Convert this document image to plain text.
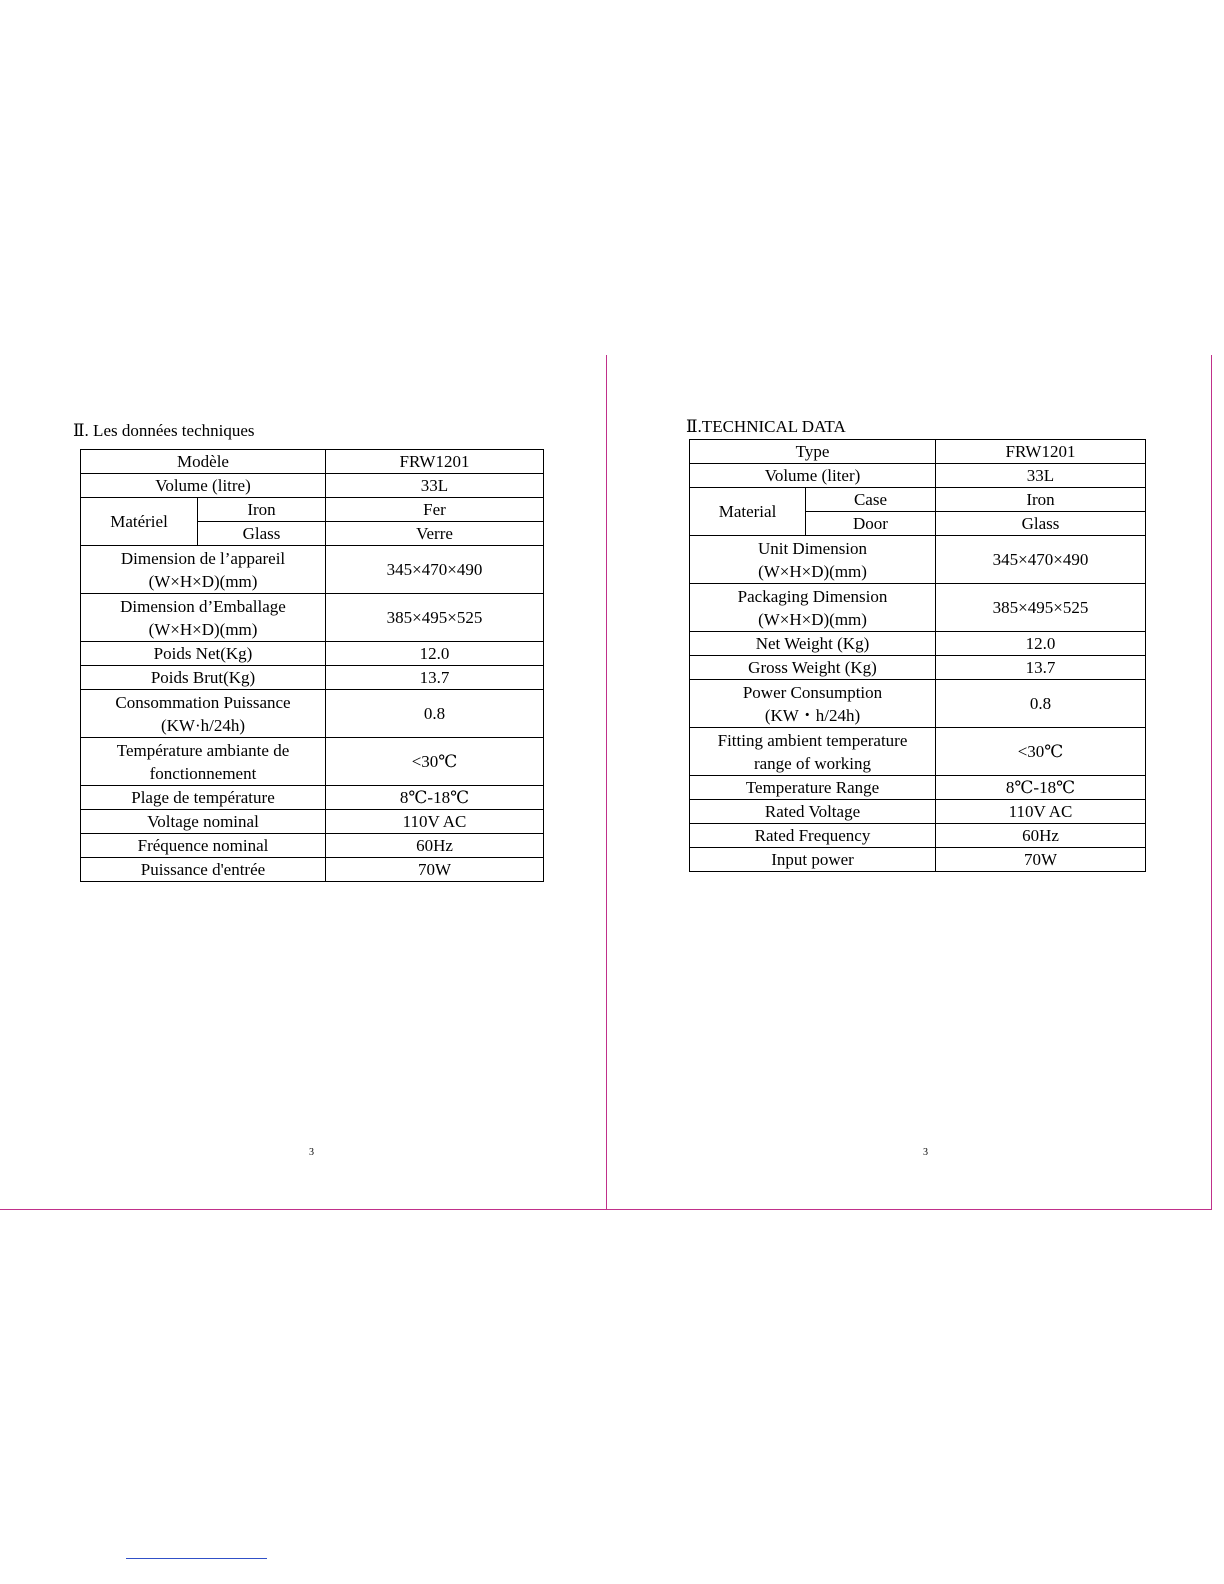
Ⅱ. Les données techniques
Modèle		FRW1201
Volume (litre)		33L
Matériel	Iron	Fer
	Glass	Verre

Dimension de l’appareil
(W×H×D)(mm)		345×470×490

Dimension d’Emballage
(W×H×D)(mm)		385×495×525
Poids Net(Kg)		12.0
Poids Brut(Kg)		13.7

Consommation Puissance
(KW·h/24h)		0.8

Température ambiante de
fonctionnement		<30℃
Plage de température		8℃-18℃
Voltage nominal		110V AC
Fréquence nominal		60Hz
Puissance d'entrée		70W
3
Ⅱ.TECHNICAL DATA
Type		FRW1201
Volume (liter)		33L
Material	Case	Iron
	Door	Glass

Unit Dimension
(W×H×D)(mm)		345×470×490

Packaging Dimension
(W×H×D)(mm)		385×495×525
Net Weight (Kg)		12.0
Gross Weight (Kg)		13.7

Power Consumption
(KW・h/24h)		0.8

Fitting ambient temperature
range of working		<30℃
Temperature Range		8℃-18℃
Rated Voltage		110V AC
Rated Frequency		60Hz
Input power		70W
3
